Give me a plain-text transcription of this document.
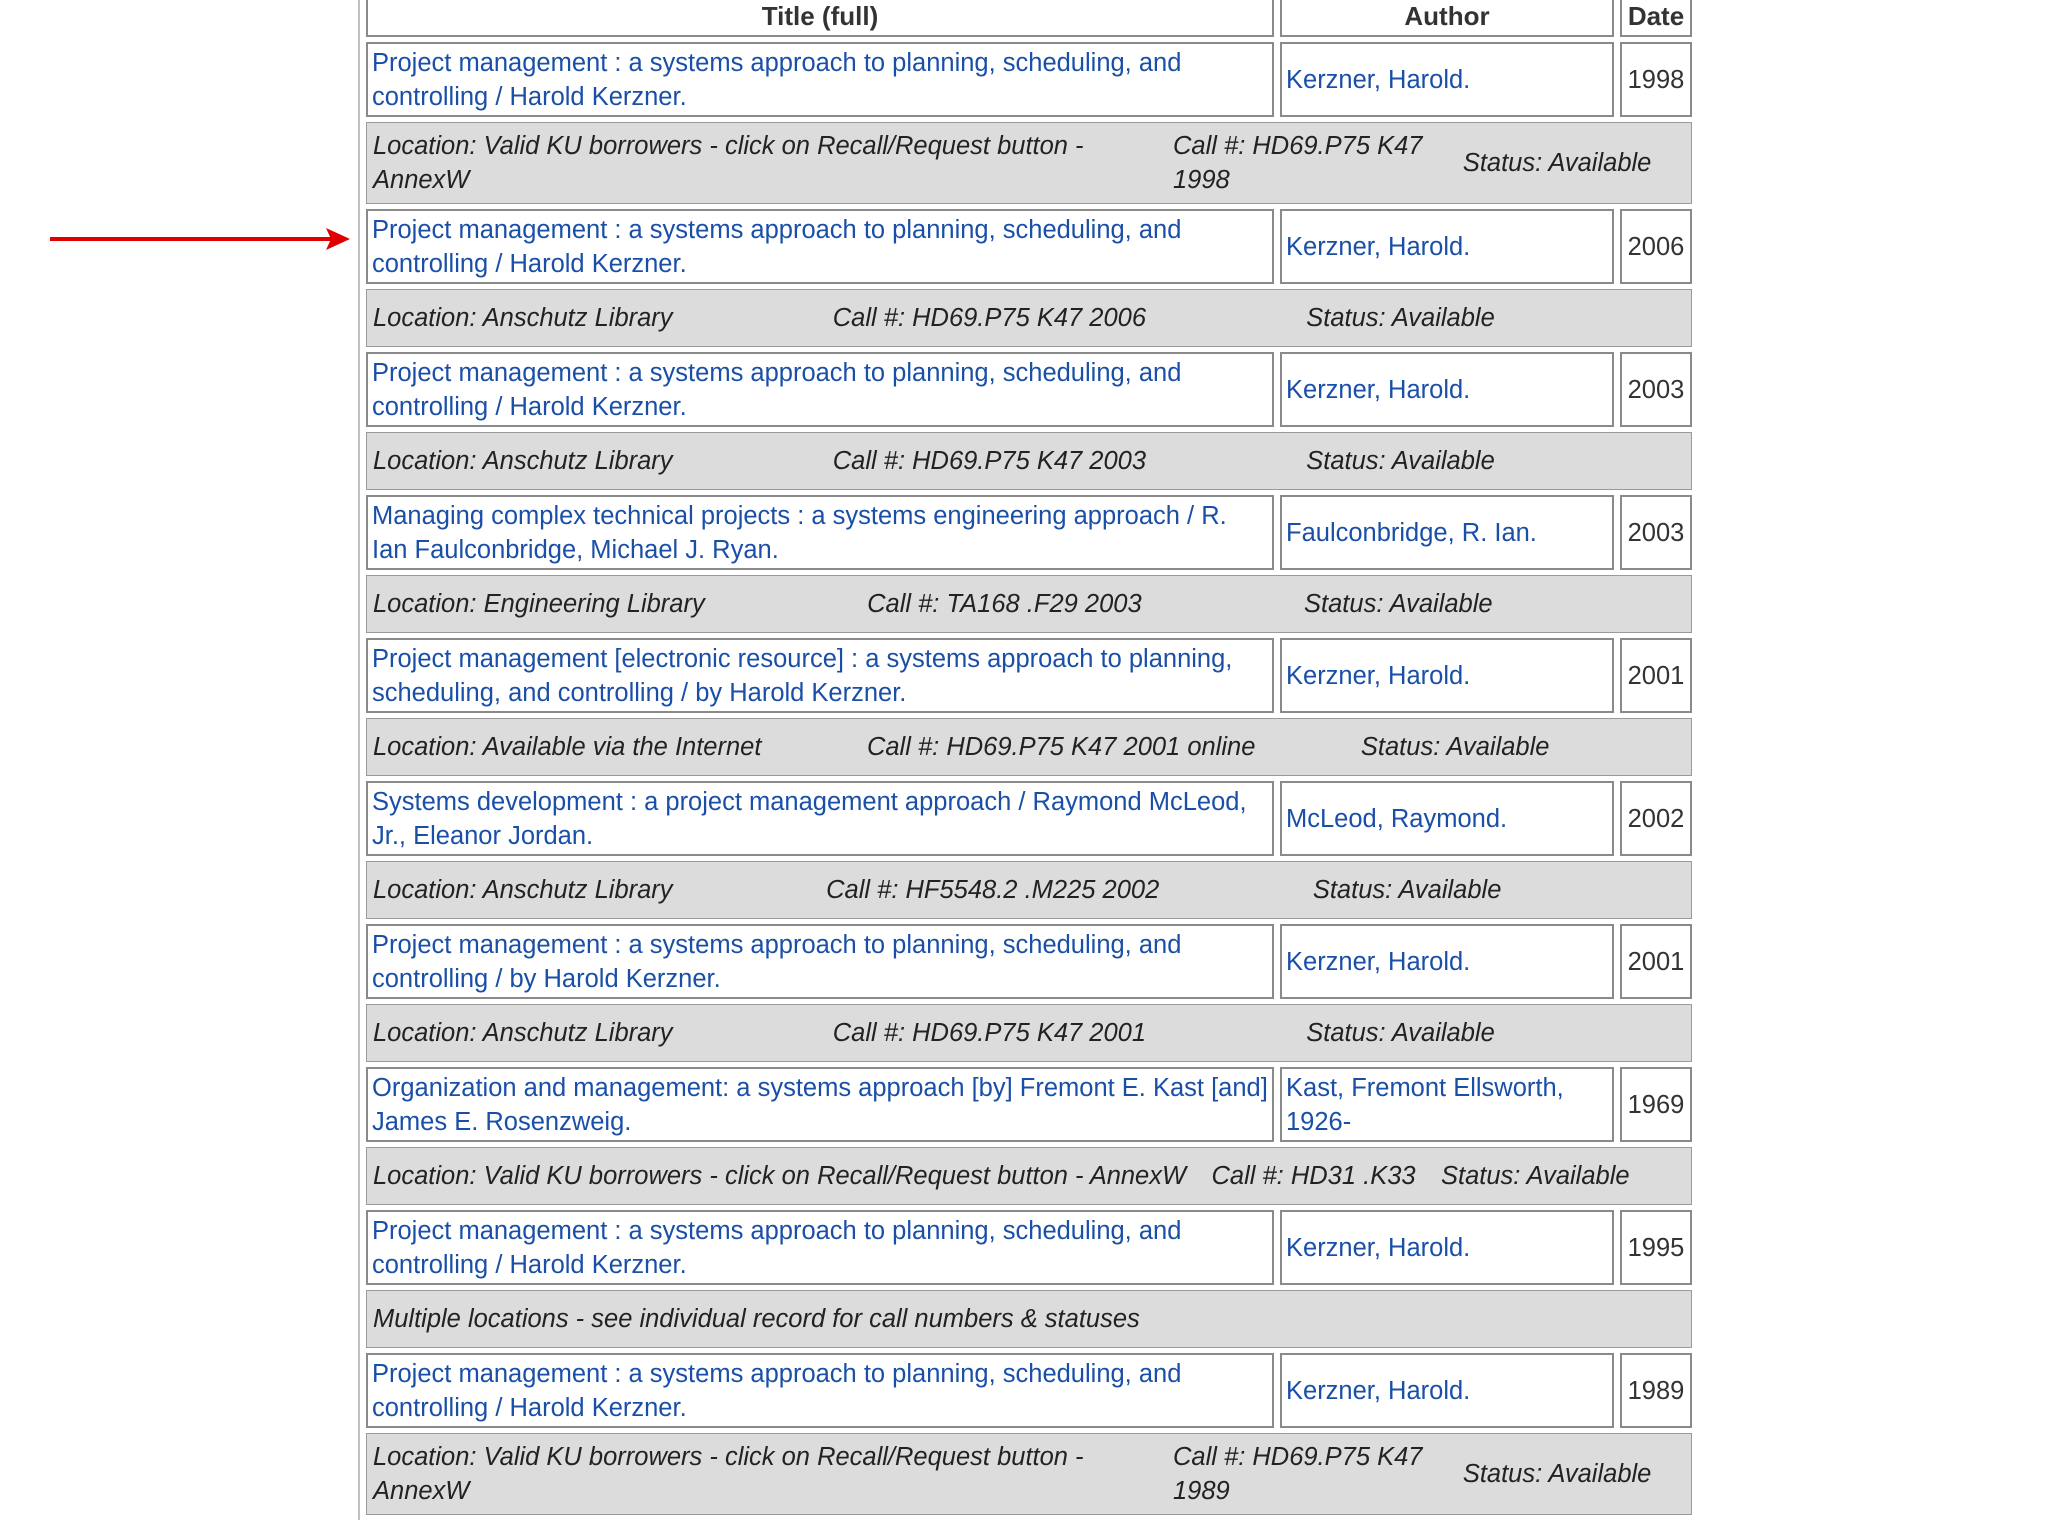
Title (full)	Author	Date
Project management : a systems approach to planning, scheduling, and controlling / Harold Kerzner.	Kerzner, Harold.	1998

Location: Valid KU borrowers - click on Recall/Request button - AnnexW
Call #: HD69.P75 K47 1998
Status: Available		

Project management : a systems approach to planning, scheduling, and controlling / Harold Kerzner.	Kerzner, Harold.	2006

Location: Anschutz Library Call #: HD69.P75 K47 2006 Status: Available		

Project management : a systems approach to planning, scheduling, and controlling / Harold Kerzner.	Kerzner, Harold.	2003

Location: Anschutz Library Call #: HD69.P75 K47 2003 Status: Available		

Managing complex technical projects : a systems engineering approach / R. Ian Faulconbridge, Michael J. Ryan.	Faulconbridge, R. Ian.	2003

Location: Engineering Library Call #: TA168 .F29 2003 Status: Available		

Project management [electronic resource] : a systems approach to planning, scheduling, and controlling / by Harold Kerzner.	Kerzner, Harold.	2001

Location: Available via the Internet Call #: HD69.P75 K47 2001 online Status: Available		

Systems development : a project management approach / Raymond McLeod, Jr., Eleanor Jordan.	McLeod, Raymond.	2002

Location: Anschutz Library Call #: HF5548.2 .M225 2002 Status: Available		

Project management : a systems approach to planning, scheduling, and controlling / by Harold Kerzner.	Kerzner, Harold.	2001

Location: Anschutz Library Call #: HD69.P75 K47 2001 Status: Available		

Organization and management: a systems approach [by] Fremont E. Kast [and] James E. Rosenzweig.	Kast, Fremont Ellsworth, 1926-	1969

Location: Valid KU borrowers - click on Recall/Request button - AnnexW Call #: HD31 .K33 Status: Available		

Project management : a systems approach to planning, scheduling, and controlling / Harold Kerzner.	Kerzner, Harold.	1995

Multiple locations - see individual record for call numbers & statuses		

Project management : a systems approach to planning, scheduling, and controlling / Harold Kerzner.	Kerzner, Harold.	1989

Location: Valid KU borrowers - click on Recall/Request button - AnnexW
Call #: HD69.P75 K47 1989
Status: Available		
